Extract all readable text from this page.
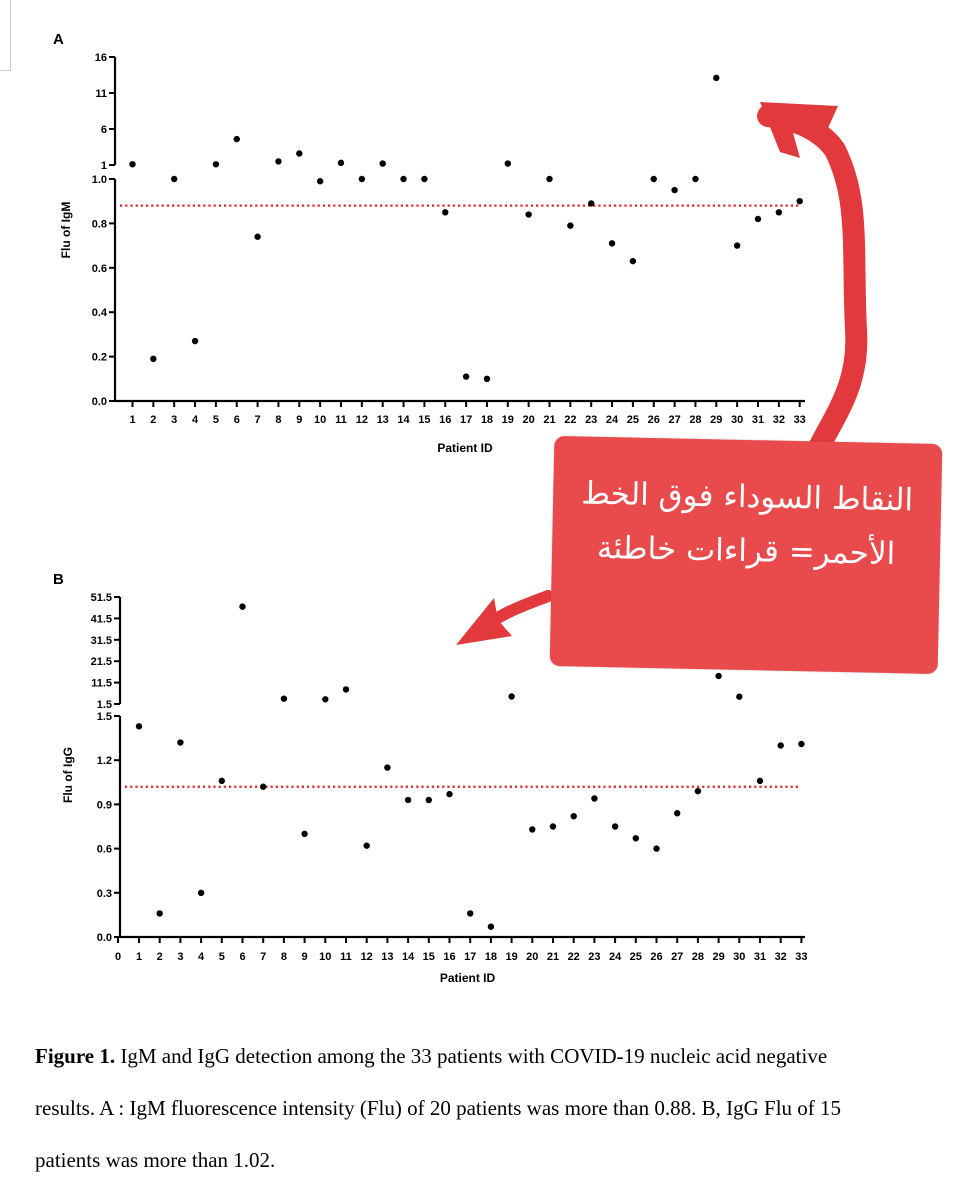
A
0.0
0.2
0.4
0.6
0.8
1.0
1
6
11
16
1 2 3 4 5 6 7 8 9 10 11 12 13 14 15 16 17 18 19 20 21 22 23 24 25 26 27 28 29 30 31 32 33
Patient ID
Flu of IgM
B
0.0
0.3
0.6
0.9
1.2
1.5
1.5
11.5
21.5
31.5
41.5
51.5
0 1 2 3 4 5 6 7 8 9 10 11 12 13 14 15 16 17 18 19 20 21 22 23 24 25 26 27 28 29 30 31 32 33
Patient ID
Flu of IgG
النقاط السوداء فوق الخط الأحمر= قراءات خاطئة
Figure 1. IgM and IgG detection among the 33 patients with COVID-19 nucleic acid negative results. A : IgM fluorescence intensity (Flu) of 20 patients was more than 0.88. B, IgG Flu of 15 patients was more than 1.02.
